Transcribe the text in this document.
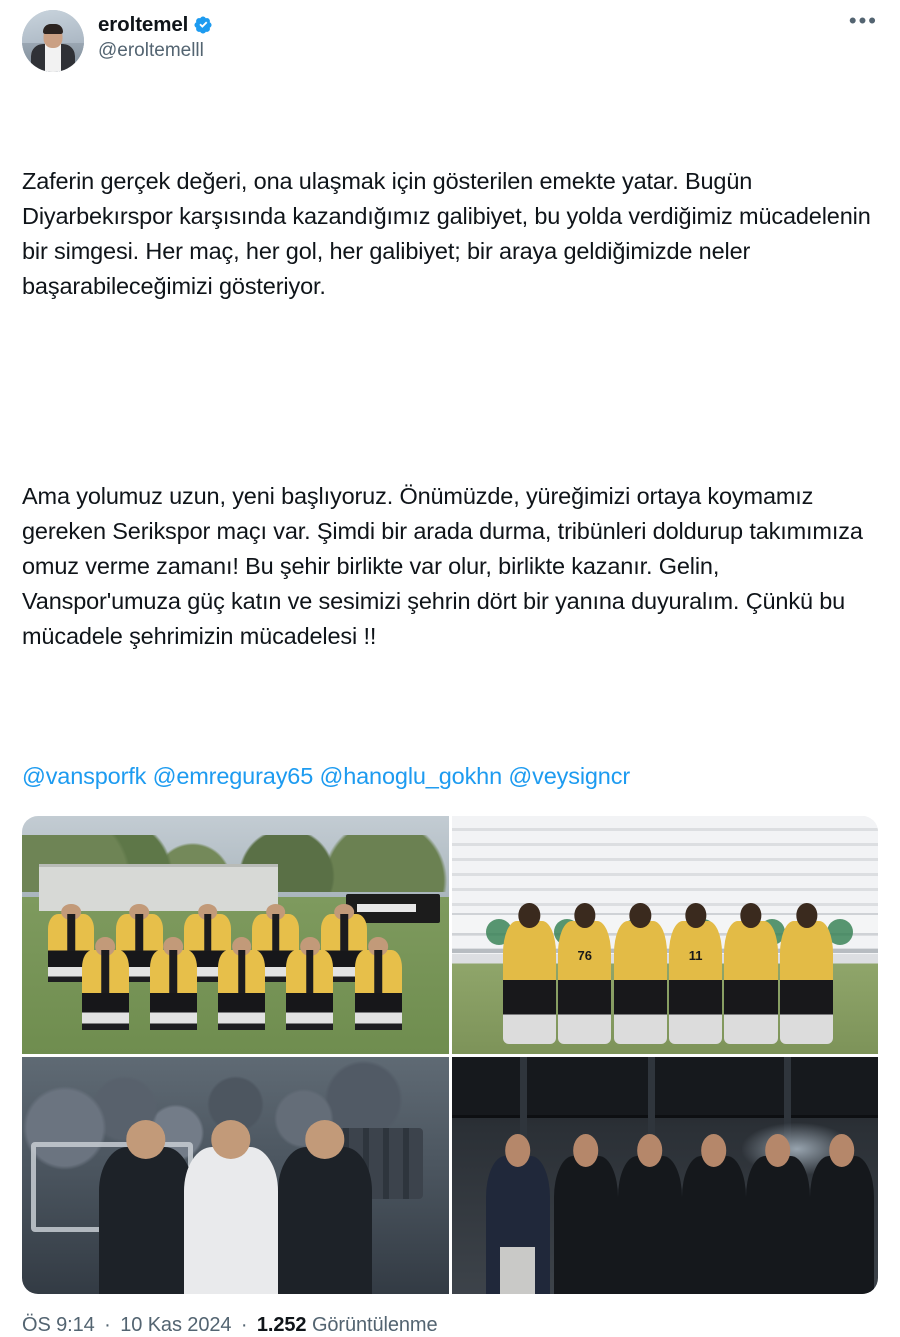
eroltemel
@eroltemelll
•••

Zaferin gerçek değeri, ona ulaşmak için gösterilen emekte yatar. Bugün Diyarbekırspor karşısında kazandığımız galibiyet, bu yolda verdiğimiz mücadelenin bir simgesi. Her maç, her gol, her galibiyet; bir araya geldiğimizde neler başarabileceğimizi gösteriyor.

Ama yolumuz uzun, yeni başlıyoruz. Önümüzde, yüreğimizi ortaya koymamız gereken Serikspor maçı var. Şimdi bir arada durma, tribünleri doldurup takımımıza omuz verme zamanı! Bu şehir birlikte var olur, birlikte kazanır. Gelin, Vanspor'umuza güç katın ve sesimizi şehrin dört bir yanına duyuralım. Çünkü bu mücadele şehrimizin mücadelesi !!

@vansporfk @emreguray65 @hanoglu_gokhn @veysigncr
76	11
ÖS 9:14 · 10 Kas 2024 · 1.252 Görüntülenme
